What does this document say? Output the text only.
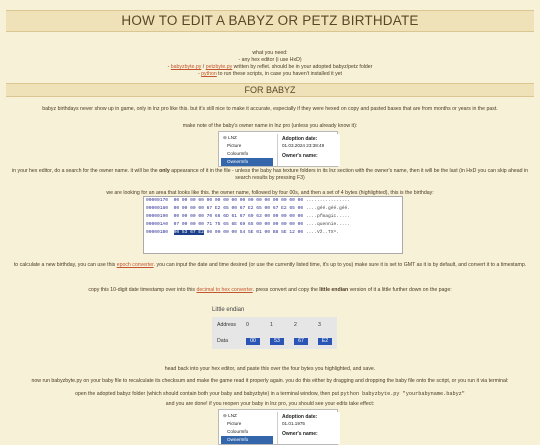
HOW TO EDIT A BABYZ OR PETZ BIRTHDATE
what you need:
- any hex editor (i use HxD)
- babyzbyte.py / petzbyte.py written by reflet. should be in your adopted babyz/petz folder
- python to run these scripts, in case you haven't installed it yet
FOR BABYZ
babyz birthdays never show up in game, only in lnz pro like this. but it's still nice to make it accurate, especially if they were hexed on copy and pasted bases that are from months or years in the past.
make note of the baby's owner name in lnz pro (unless you already know it):
⊖ LNZ
Picture
ColourInfo
OwnerInfo
Adoption date:
01.03.2024 23:38:49
Owner's name:
in your hex editor, do a search for the owner name. it will be the only appearance of it in the file - unless the baby has texture folders in its lnz section with the owner's name, then it will be the last (in HxD you can skip ahead in search results by pressing F3)
we are looking for an area that looks like this. the owner name, followed by four 00s, and then a set of 4 bytes (highlighted), this is the birthday:
00000170 00 00 00 00 00 00 00 00 00 00 00 00 00 00 00 00 ................
00000180 00 00 00 00 67 E2 65 00 67 E2 65 00 67 E2 65 00 ....géé.géé.géé.
00000190 00 00 00 00 70 66 6D 61 67 69 63 00 00 00 00 00 ....pfmagic.....
000001A0 07 00 00 00 71 75 65 6E 69 65 00 00 00 00 00 00 ....quennie.....
000001B0 00 53 67 E2 00 00 00 00 54 5E 01 00 B8 5E 12 00 ....Vž..TX^.
to calculate a new birthday, you can use this epoch converter. you can input the date and time desired (or use the currently listed time, it's up to you) make sure it is set to GMT as it is by default, and convert it to a timestamp.
copy this 10-digit date timestamp over into this decimal to hex converter. press convert and copy the little endian version of it a little further down on the page:
Little endian
Address	0	1	2	3
Data	00	53	67	E2
head back into your hex editor, and paste this over the four bytes you highlighted, and save.
now run babyzbyte.py on your baby file to recalculate its checksum and make the game read it properly again. you do this either by dragging and dropping the baby file onto the script, or you run it via terminal:
open the adopted babyz folder (which should contain both your baby and babyzbyte) in a terminal window, then put python babyzbyte.py "yourbabyname.babyz"
and you are done! if you reopen your baby in lnz pro, you should see your edits take effect:
⊖ LNZ
Picture
ColourInfo
OwnerInfo
Adoption date:
01.01.1975
Owner's name:
